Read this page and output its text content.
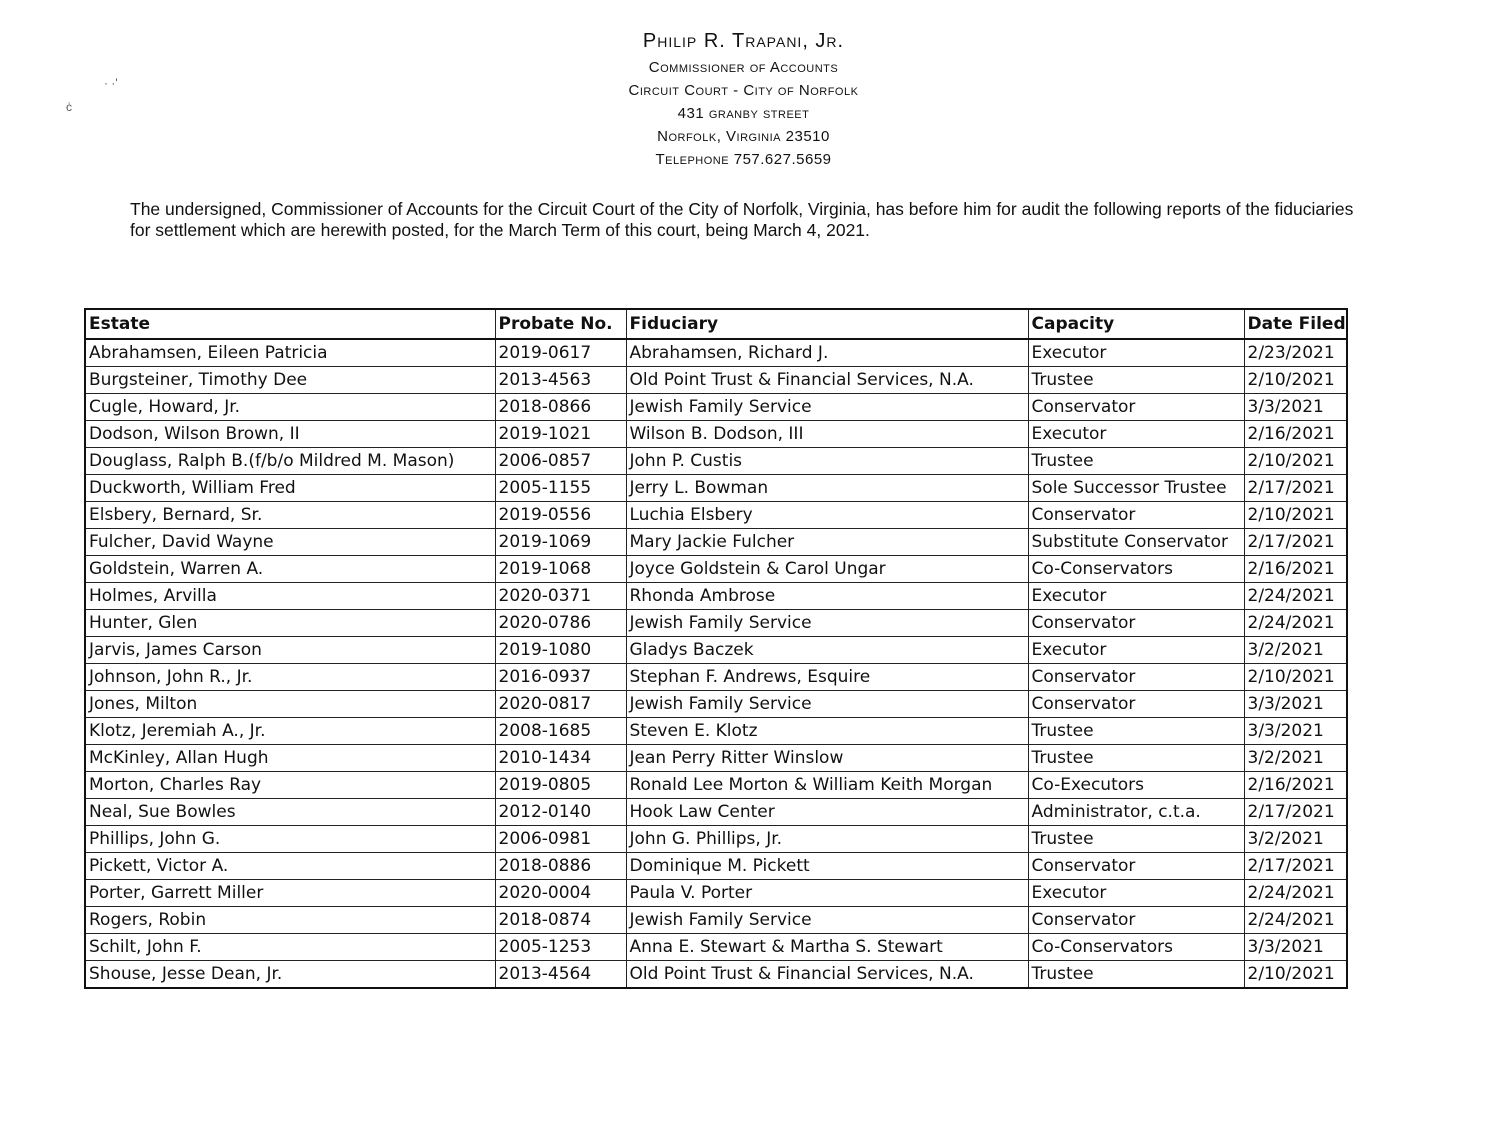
· ·'
ċ
Philip R. Trapani, Jr.
Commissioner of Accounts
Circuit Court - City of Norfolk
431 granby street
Norfolk, Virginia 23510
Telephone 757.627.5659
The undersigned, Commissioner of Accounts for the Circuit Court of the City of Norfolk, Virginia, has before him for audit the following reports of the fiduciaries for settlement which are herewith posted, for the March Term of this court, being March 4, 2021.
Estate	Probate No.	Fiduciary	Capacity	Date Filed
Abrahamsen, Eileen Patricia	2019-0617	Abrahamsen, Richard J.	Executor	2/23/2021
Burgsteiner, Timothy Dee	2013-4563	Old Point Trust & Financial Services, N.A.	Trustee	2/10/2021
Cugle, Howard, Jr.	2018-0866	Jewish Family Service	Conservator	3/3/2021
Dodson, Wilson Brown, II	2019-1021	Wilson B. Dodson, III	Executor	2/16/2021
Douglass, Ralph B.(f/b/o Mildred M. Mason)	2006-0857	John P. Custis	Trustee	2/10/2021
Duckworth, William Fred	2005-1155	Jerry L. Bowman	Sole Successor Trustee	2/17/2021
Elsbery, Bernard, Sr.	2019-0556	Luchia Elsbery	Conservator	2/10/2021
Fulcher, David Wayne	2019-1069	Mary Jackie Fulcher	Substitute Conservator	2/17/2021
Goldstein, Warren A.	2019-1068	Joyce Goldstein & Carol Ungar	Co-Conservators	2/16/2021
Holmes, Arvilla	2020-0371	Rhonda Ambrose	Executor	2/24/2021
Hunter, Glen	2020-0786	Jewish Family Service	Conservator	2/24/2021
Jarvis, James Carson	2019-1080	Gladys Baczek	Executor	3/2/2021
Johnson, John R., Jr.	2016-0937	Stephan F. Andrews, Esquire	Conservator	2/10/2021
Jones, Milton	2020-0817	Jewish Family Service	Conservator	3/3/2021
Klotz, Jeremiah A., Jr.	2008-1685	Steven E. Klotz	Trustee	3/3/2021
McKinley, Allan Hugh	2010-1434	Jean Perry Ritter Winslow	Trustee	3/2/2021
Morton, Charles Ray	2019-0805	Ronald Lee Morton & William Keith Morgan	Co-Executors	2/16/2021
Neal, Sue Bowles	2012-0140	Hook Law Center	Administrator, c.t.a.	2/17/2021
Phillips, John G.	2006-0981	John G. Phillips, Jr.	Trustee	3/2/2021
Pickett, Victor A.	2018-0886	Dominique M. Pickett	Conservator	2/17/2021
Porter, Garrett Miller	2020-0004	Paula V. Porter	Executor	2/24/2021
Rogers, Robin	2018-0874	Jewish Family Service	Conservator	2/24/2021
Schilt, John F.	2005-1253	Anna E. Stewart & Martha S. Stewart	Co-Conservators	3/3/2021
Shouse, Jesse Dean, Jr.	2013-4564	Old Point Trust & Financial Services, N.A.	Trustee	2/10/2021
